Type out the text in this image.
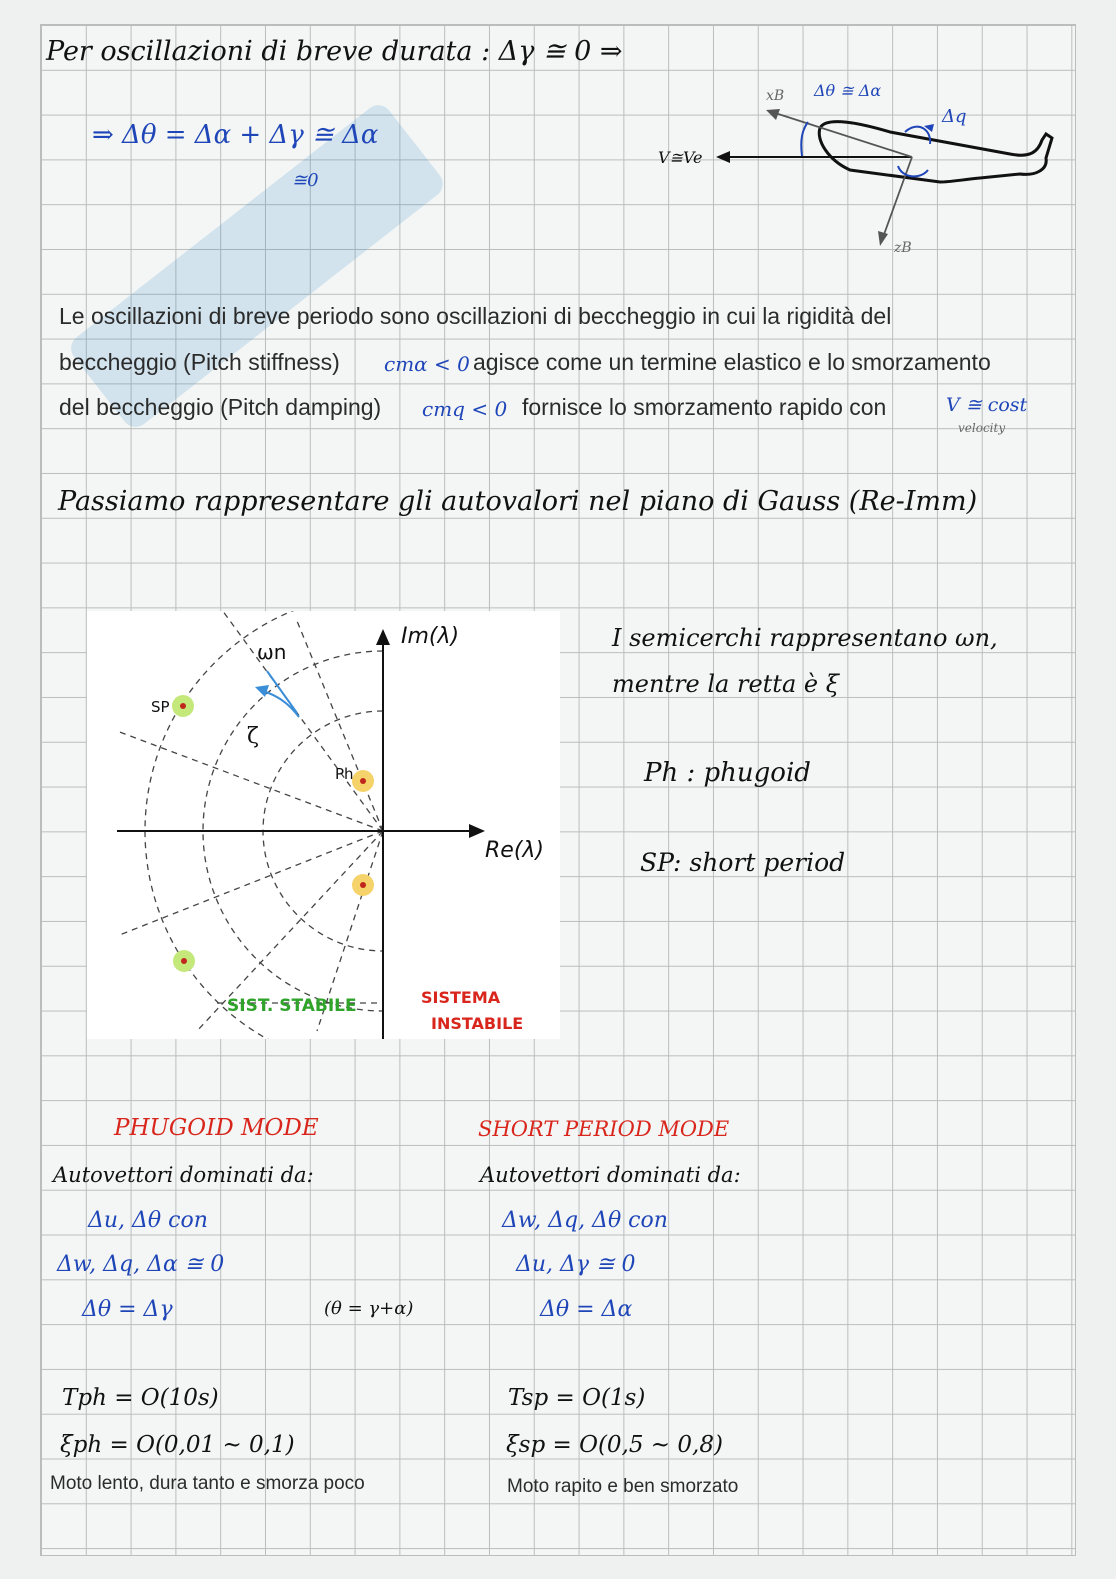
Per oscillazioni di breve durata : Δγ ≅ 0 ⇒
⇒ Δθ = Δα + Δγ ≅ Δα
≅0
xB
zB
Δθ ≅ Δα
Δq
V≅Ve
Le oscillazioni di breve periodo sono oscillazioni di beccheggio in cui la rigidità del
beccheggio (Pitch stiffness) cmα < 0 agisce come un termine elastico e lo smorzamento
del beccheggio (Pitch damping) cmq < 0 fornisce lo smorzamento rapido con	V ≅ cost
velocity
Passiamo rappresentare gli autovalori nel piano di Gauss (Re-Imm)
Im(λ)
Re(λ)
ωn
ζ
SP
Ph
SIST. STABILE	SISTEMA
INSTABILE
I semicerchi rappresentano ωn,
mentre la retta è ξ
Ph : phugoid
SP: short period
PHUGOID MODE
Autovettori dominati da:
Δu, Δθ con
Δw, Δq, Δα ≅ 0
Δθ = Δγ	(θ = γ+α)
Tph = O(10s)
ξph = O(0,01 ~ 0,1)
Moto lento, dura tanto e smorza poco
SHORT PERIOD MODE
Autovettori dominati da:
Δw, Δq, Δθ con
Δu, Δγ ≅ 0
Δθ = Δα
Tsp = O(1s)
ξsp = O(0,5 ~ 0,8)
Moto rapito e ben smorzato
